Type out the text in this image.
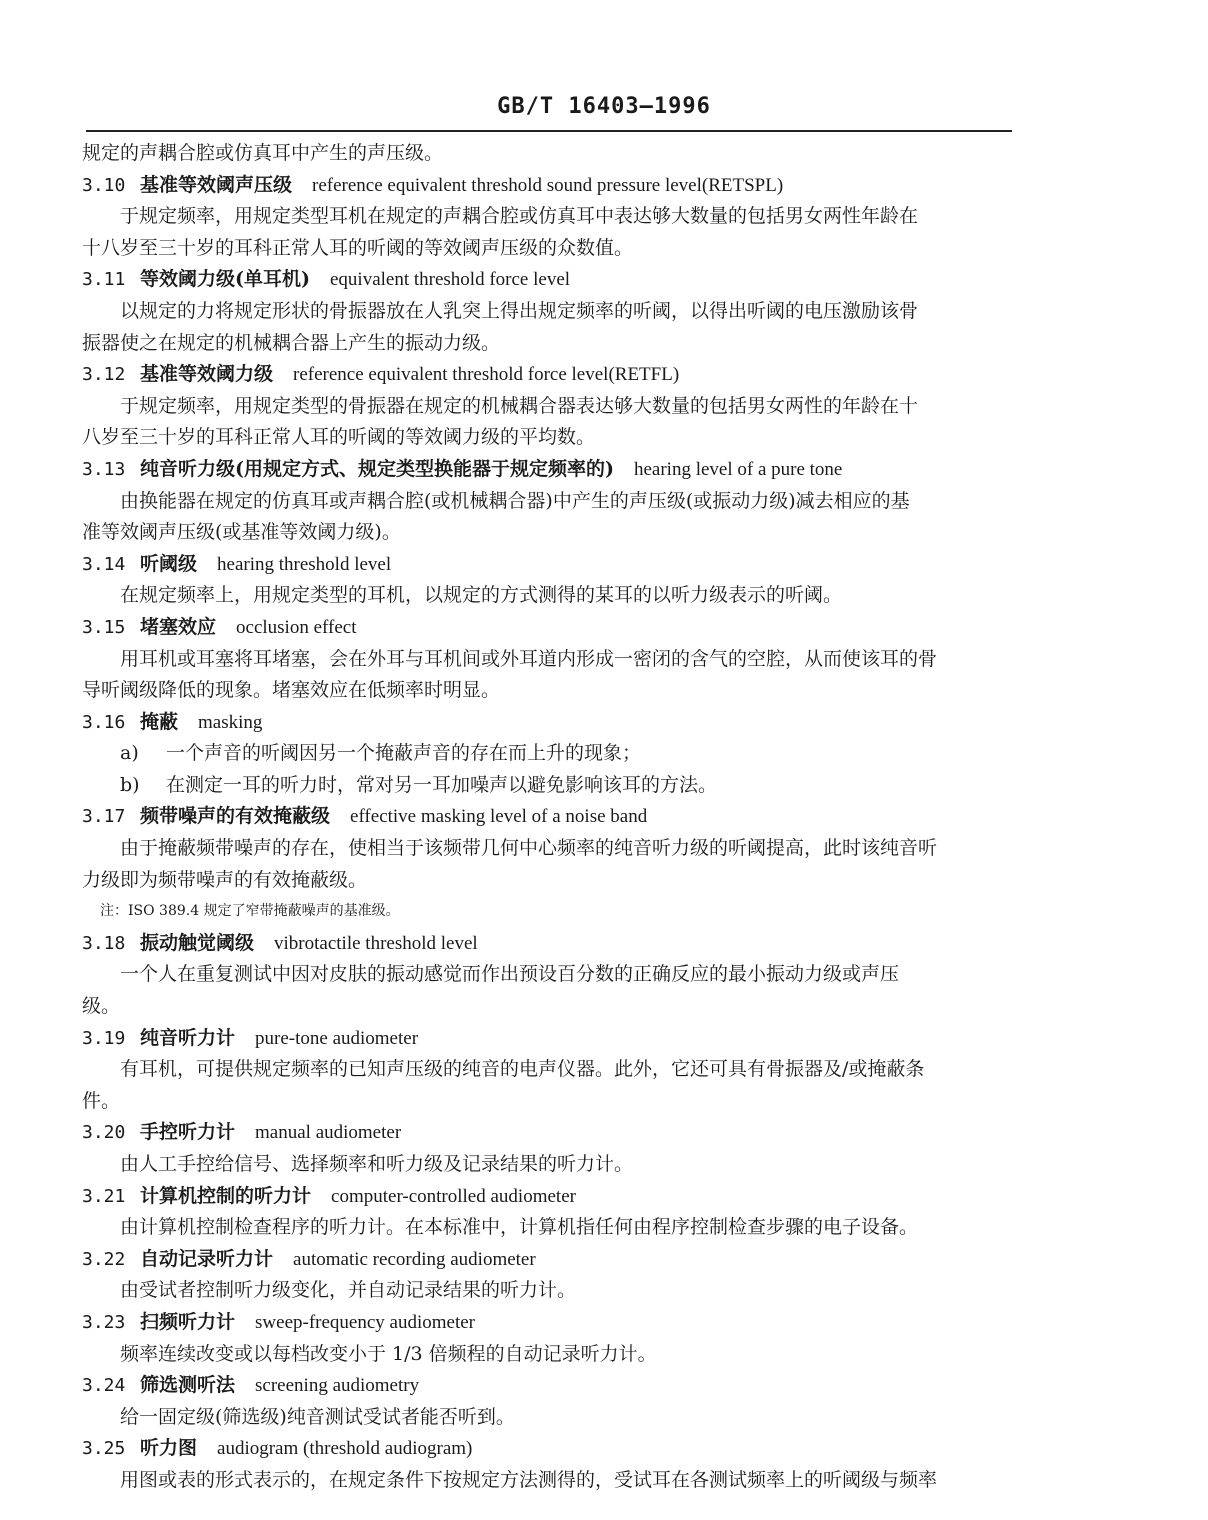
GB/T 16403—1996
规定的声耦合腔或仿真耳中产生的声压级。
3.10 基准等效阈声压级 reference equivalent threshold sound pressure level(RETSPL)
于规定频率，用规定类型耳机在规定的声耦合腔或仿真耳中表达够大数量的包括男女两性年龄在
十八岁至三十岁的耳科正常人耳的听阈的等效阈声压级的众数值。
3.11 等效阈力级(单耳机) equivalent threshold force level
以规定的力将规定形状的骨振器放在人乳突上得出规定频率的听阈，以得出听阈的电压激励该骨
振器使之在规定的机械耦合器上产生的振动力级。
3.12 基准等效阈力级 reference equivalent threshold force level(RETFL)
于规定频率，用规定类型的骨振器在规定的机械耦合器表达够大数量的包括男女两性的年龄在十
八岁至三十岁的耳科正常人耳的听阈的等效阈力级的平均数。
3.13 纯音听力级(用规定方式、规定类型换能器于规定频率的) hearing level of a pure tone
由换能器在规定的仿真耳或声耦合腔(或机械耦合器)中产生的声压级(或振动力级)减去相应的基
准等效阈声压级(或基准等效阈力级)。
3.14 听阈级 hearing threshold level
在规定频率上，用规定类型的耳机，以规定的方式测得的某耳的以听力级表示的听阈。
3.15 堵塞效应 occlusion effect
用耳机或耳塞将耳堵塞，会在外耳与耳机间或外耳道内形成一密闭的含气的空腔，从而使该耳的骨
导听阈级降低的现象。堵塞效应在低频率时明显。
3.16 掩蔽 masking
a) 一个声音的听阈因另一个掩蔽声音的存在而上升的现象；
b) 在测定一耳的听力时，常对另一耳加噪声以避免影响该耳的方法。
3.17 频带噪声的有效掩蔽级 effective masking level of a noise band
由于掩蔽频带噪声的存在，使相当于该频带几何中心频率的纯音听力级的听阈提高，此时该纯音听
力级即为频带噪声的有效掩蔽级。
注：ISO 389.4 规定了窄带掩蔽噪声的基准级。
3.18 振动触觉阈级 vibrotactile threshold level
一个人在重复测试中因对皮肤的振动感觉而作出预设百分数的正确反应的最小振动力级或声压
级。
3.19 纯音听力计 pure-tone audiometer
有耳机，可提供规定频率的已知声压级的纯音的电声仪器。此外，它还可具有骨振器及/或掩蔽条
件。
3.20 手控听力计 manual audiometer
由人工手控给信号、选择频率和听力级及记录结果的听力计。
3.21 计算机控制的听力计 computer-controlled audiometer
由计算机控制检查程序的听力计。在本标准中，计算机指任何由程序控制检查步骤的电子设备。
3.22 自动记录听力计 automatic recording audiometer
由受试者控制听力级变化，并自动记录结果的听力计。
3.23 扫频听力计 sweep-frequency audiometer
频率连续改变或以每档改变小于 1/3 倍频程的自动记录听力计。
3.24 筛选测听法 screening audiometry
给一固定级(筛选级)纯音测试受试者能否听到。
3.25 听力图 audiogram (threshold audiogram)
用图或表的形式表示的，在规定条件下按规定方法测得的，受试耳在各测试频率上的听阈级与频率
